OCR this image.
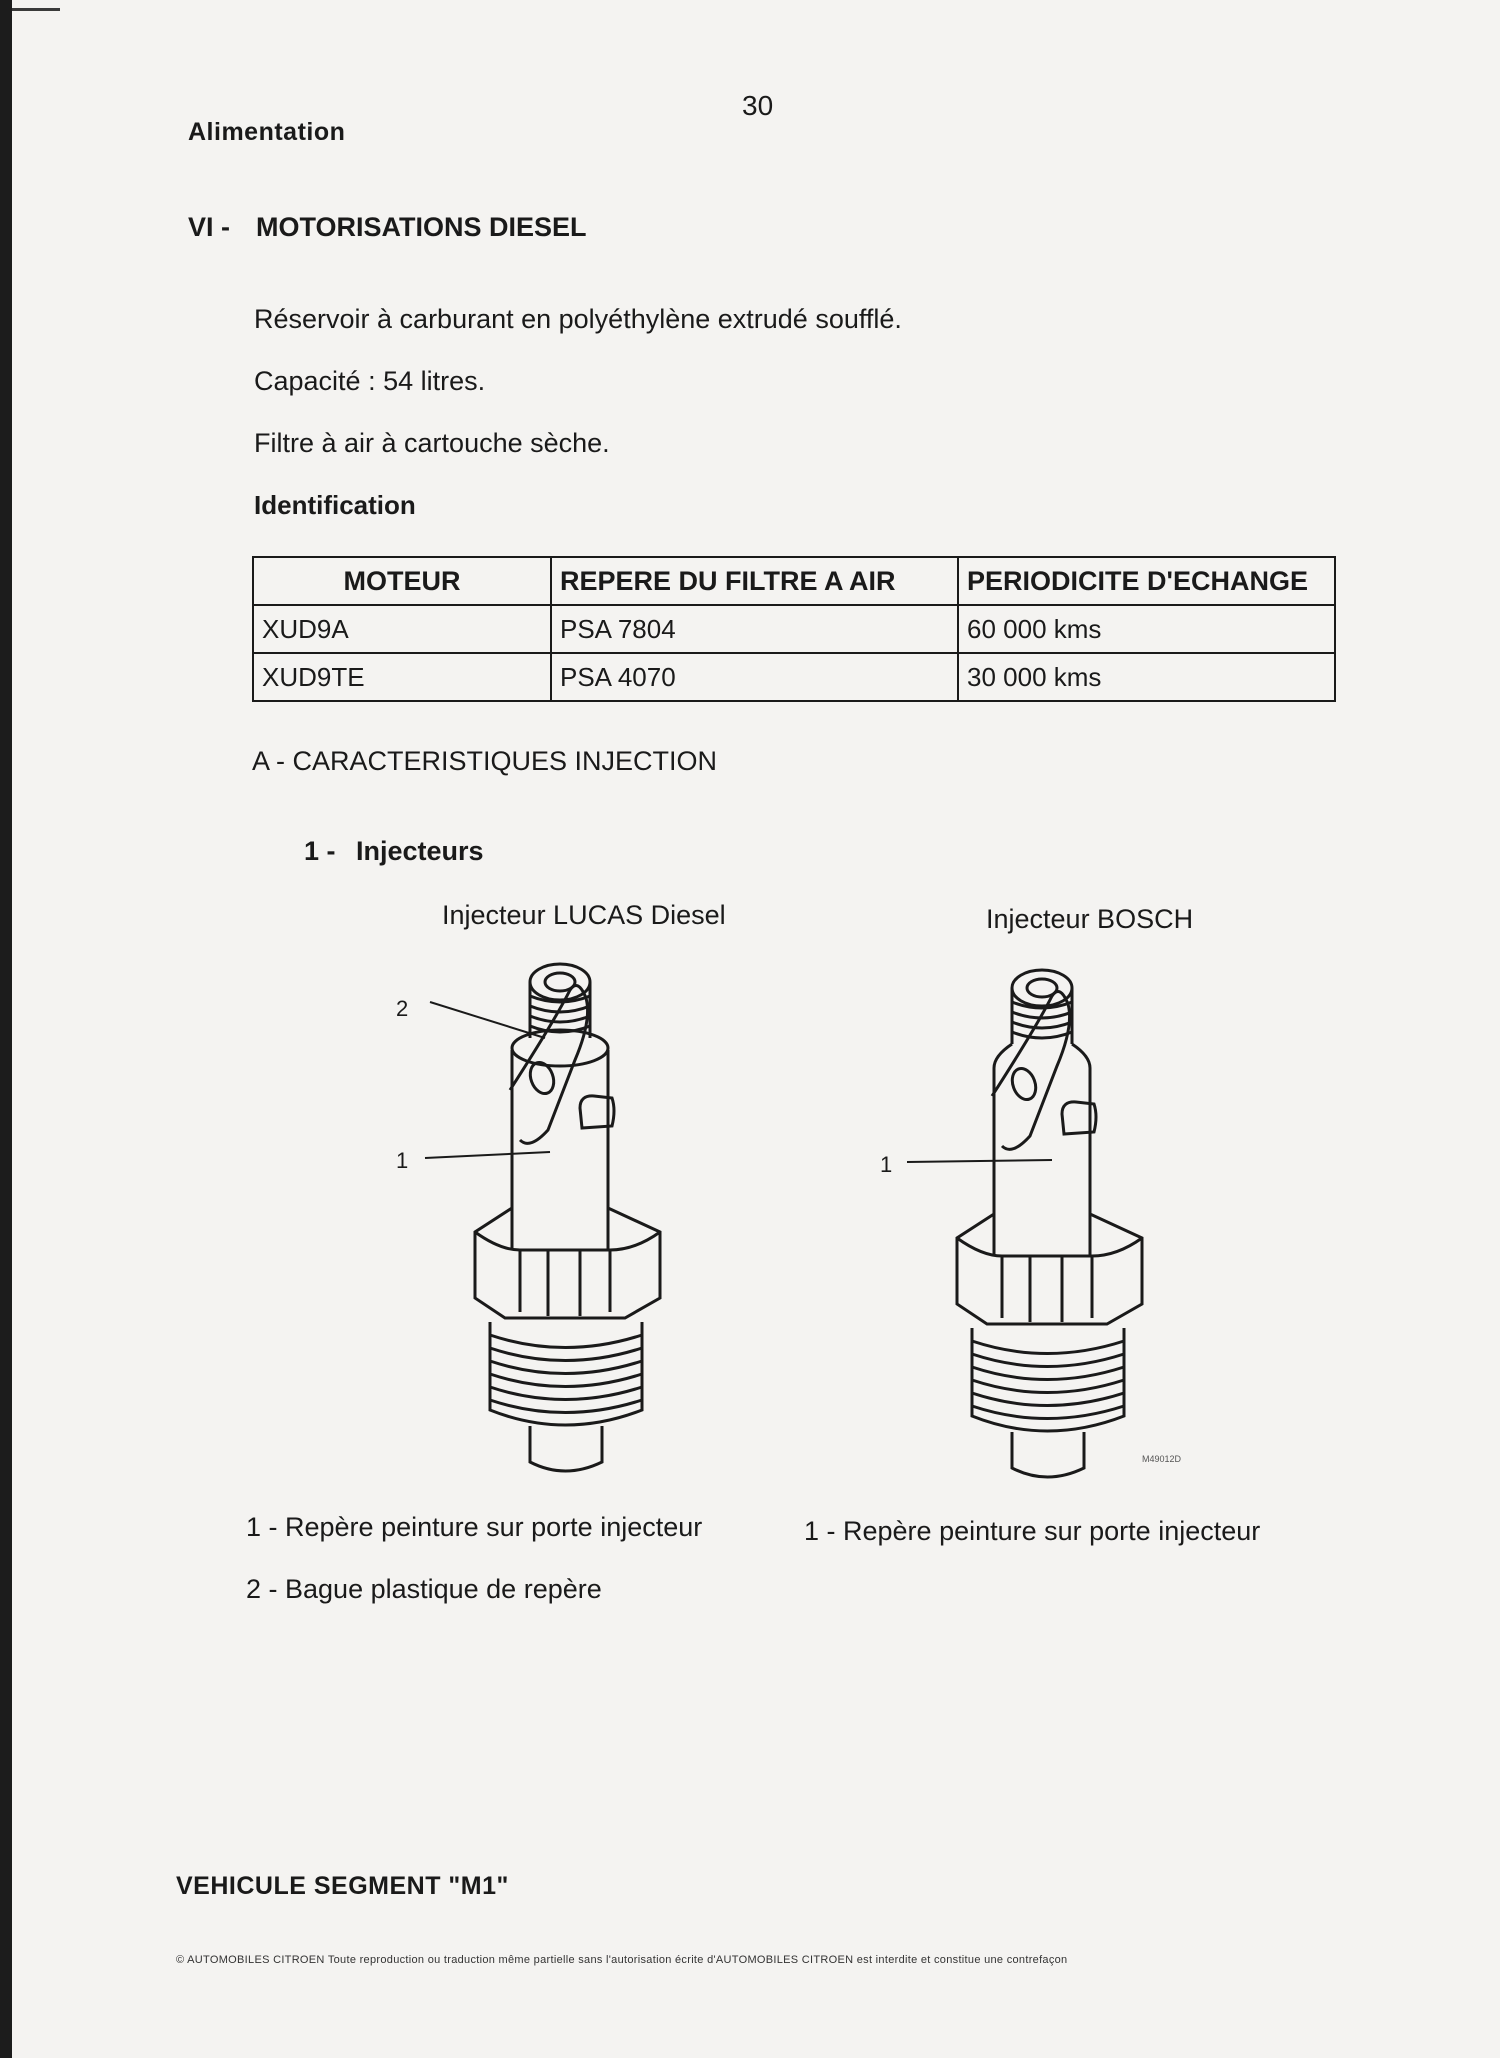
30
Alimentation
VI - MOTORISATIONS DIESEL
Réservoir à carburant en polyéthylène extrudé soufflé.
Capacité : 54 litres.
Filtre à air à cartouche sèche.
Identification
MOTEUR	REPERE DU FILTRE A AIR	PERIODICITE D'ECHANGE
XUD9A	PSA 7804	60 000 kms
XUD9TE	PSA 4070	30 000 kms
A - CARACTERISTIQUES INJECTION
1 - Injecteurs
Injecteur LUCAS Diesel	Injecteur BOSCH
2
1	1
M49012D
1 - Repère peinture sur porte injecteur
2 - Bague plastique de repère
1 - Repère peinture sur porte injecteur
VEHICULE SEGMENT "M1"
© AUTOMOBILES CITROEN Toute reproduction ou traduction même partielle sans l'autorisation écrite d'AUTOMOBILES CITROEN est interdite et constitue une contrefaçon
